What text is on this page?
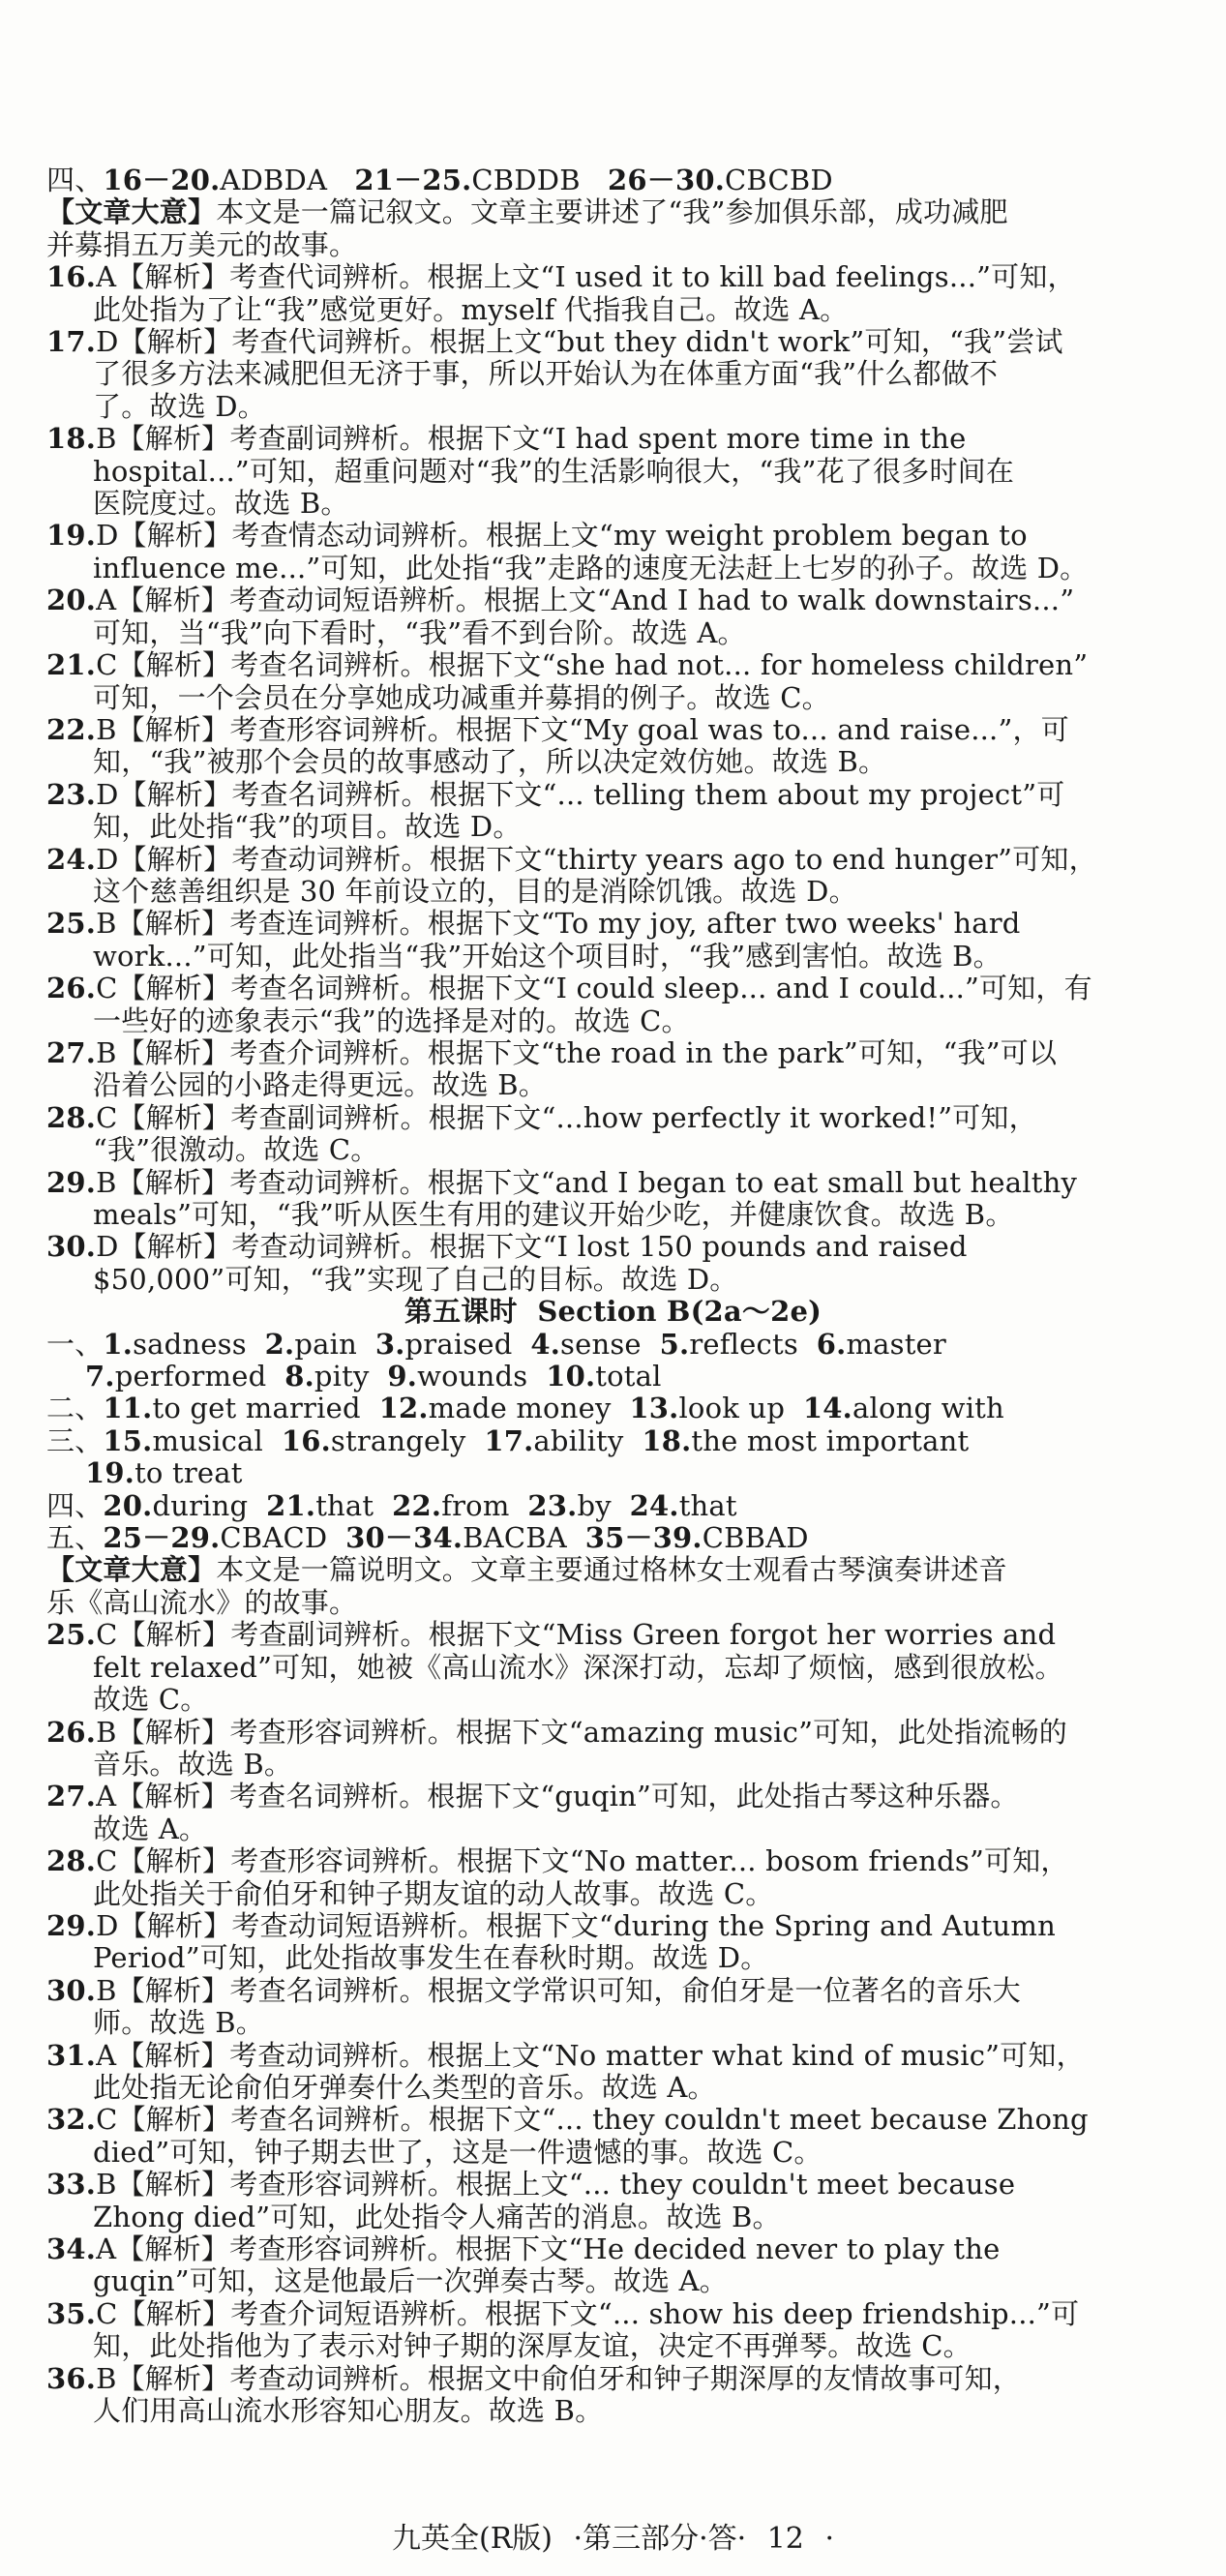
四、16－20.ADBDA   21－25.CBDDB   26－30.CBCBD
【文章大意】本文是一篇记叙文。文章主要讲述了“我”参加俱乐部，成功减肥
并募捐五万美元的故事。
16.A【解析】考查代词辨析。根据上文“I used it to kill bad feelings...”可知，
此处指为了让“我”感觉更好。myself 代指我自己。故选 A。
17.D【解析】考查代词辨析。根据上文“but they didn't work”可知，“我”尝试
了很多方法来减肥但无济于事，所以开始认为在体重方面“我”什么都做不
了。故选 D。
18.B【解析】考查副词辨析。根据下文“I had spent more time in the
hospital...”可知，超重问题对“我”的生活影响很大，“我”花了很多时间在
医院度过。故选 B。
19.D【解析】考查情态动词辨析。根据上文“my weight problem began to
influence me...”可知，此处指“我”走路的速度无法赶上七岁的孙子。故选 D。
20.A【解析】考查动词短语辨析。根据上文“And I had to walk downstairs...”
可知，当“我”向下看时，“我”看不到台阶。故选 A。
21.C【解析】考查名词辨析。根据下文“she had not... for homeless children”
可知，一个会员在分享她成功减重并募捐的例子。故选 C。
22.B【解析】考查形容词辨析。根据下文“My goal was to... and raise...”，可
知，“我”被那个会员的故事感动了，所以决定效仿她。故选 B。
23.D【解析】考查名词辨析。根据下文“... telling them about my project”可
知，此处指“我”的项目。故选 D。
24.D【解析】考查动词辨析。根据下文“thirty years ago to end hunger”可知，
这个慈善组织是 30 年前设立的，目的是消除饥饿。故选 D。
25.B【解析】考查连词辨析。根据下文“To my joy, after two weeks' hard
work...”可知，此处指当“我”开始这个项目时，“我”感到害怕。故选 B。
26.C【解析】考查名词辨析。根据下文“I could sleep... and I could...”可知，有
一些好的迹象表示“我”的选择是对的。故选 C。
27.B【解析】考查介词辨析。根据下文“the road in the park”可知，“我”可以
沿着公园的小路走得更远。故选 B。
28.C【解析】考查副词辨析。根据下文“...how perfectly it worked!”可知，
“我”很激动。故选 C。
29.B【解析】考查动词辨析。根据下文“and I began to eat small but healthy
meals”可知，“我”听从医生有用的建议开始少吃，并健康饮食。故选 B。
30.D【解析】考查动词辨析。根据下文“I lost 150 pounds and raised
$50,000”可知，“我”实现了自己的目标。故选 D。
第五课时  Section B(2a～2e)
一、1.sadness  2.pain  3.praised  4.sense  5.reflects  6.master
7.performed  8.pity  9.wounds  10.total
二、11.to get married  12.made money  13.look up  14.along with
三、15.musical  16.strangely  17.ability  18.the most important
19.to treat
四、20.during  21.that  22.from  23.by  24.that
五、25－29.CBACD  30－34.BACBA  35－39.CBBAD
【文章大意】本文是一篇说明文。文章主要通过格林女士观看古琴演奏讲述音
乐《高山流水》的故事。
25.C【解析】考查副词辨析。根据下文“Miss Green forgot her worries and
felt relaxed”可知，她被《高山流水》深深打动，忘却了烦恼，感到很放松。
故选 C。
26.B【解析】考查形容词辨析。根据下文“amazing music”可知，此处指流畅的
音乐。故选 B。
27.A【解析】考查名词辨析。根据下文“guqin”可知，此处指古琴这种乐器。
故选 A。
28.C【解析】考查形容词辨析。根据下文“No matter... bosom friends”可知，
此处指关于俞伯牙和钟子期友谊的动人故事。故选 C。
29.D【解析】考查动词短语辨析。根据下文“during the Spring and Autumn
Period”可知，此处指故事发生在春秋时期。故选 D。
30.B【解析】考查名词辨析。根据文学常识可知，俞伯牙是一位著名的音乐大
师。故选 B。
31.A【解析】考查动词辨析。根据上文“No matter what kind of music”可知，
此处指无论俞伯牙弹奏什么类型的音乐。故选 A。
32.C【解析】考查名词辨析。根据下文“... they couldn't meet because Zhong
died”可知，钟子期去世了，这是一件遗憾的事。故选 C。
33.B【解析】考查形容词辨析。根据上文“... they couldn't meet because
Zhong died”可知，此处指令人痛苦的消息。故选 B。
34.A【解析】考查形容词辨析。根据下文“He decided never to play the
guqin”可知，这是他最后一次弹奏古琴。故选 A。
35.C【解析】考查介词短语辨析。根据下文“... show his deep friendship...”可
知，此处指他为了表示对钟子期的深厚友谊，决定不再弹琴。故选 C。
36.B【解析】考查动词辨析。根据文中俞伯牙和钟子期深厚的友情故事可知，
人们用高山流水形容知心朋友。故选 B。
九英全(R版) ·第三部分·答· 12 ·
